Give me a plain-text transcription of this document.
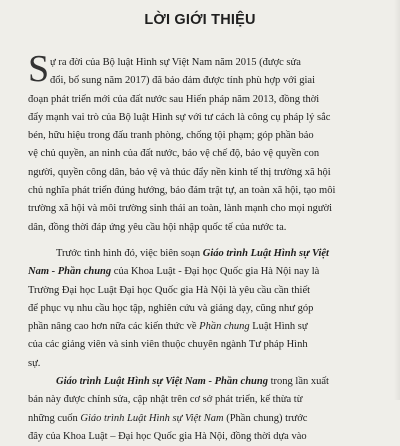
LỜI GIỚI THIỆU
S ự ra đời của Bộ luật Hình sự Việt Nam năm 2015 (được sửa
đổi, bổ sung năm 2017) đã bảo đảm được tính phù hợp với giai
đoạn phát triển mới của đất nước sau Hiến pháp năm 2013, đồng thời
đẩy mạnh vai trò của Bộ luật Hình sự với tư cách là công cụ pháp lý sắc
bén, hữu hiệu trong đấu tranh phòng, chống tội phạm; góp phần bảo
vệ chủ quyền, an ninh của đất nước, bảo vệ chế độ, bảo vệ quyền con
người, quyền công dân, bảo vệ và thúc đẩy nền kinh tế thị trường xã hội
chủ nghĩa phát triển đúng hướng, bảo đảm trật tự, an toàn xã hội, tạo môi
trường xã hội và môi trường sinh thái an toàn, lành mạnh cho mọi người
dân, đồng thời đáp ứng yêu cầu hội nhập quốc tế của nước ta.
Trước tình hình đó, việc biên soạn Giáo trình Luật Hình sự Việt
Nam - Phần chung của Khoa Luật - Đại học Quốc gia Hà Nội nay là
Trường Đại học Luật Đại học Quốc gia Hà Nội là yêu cầu cần thiết
để phục vụ nhu cầu học tập, nghiên cứu và giảng dạy, cũng như góp
phần nâng cao hơn nữa các kiến thức về Phần chung Luật Hình sự
của các giảng viên và sinh viên thuộc chuyên ngành Tư pháp Hình
sự.
Giáo trình Luật Hình sự Việt Nam - Phần chung trong lần xuất
bản này được chỉnh sửa, cập nhật trên cơ sở phát triển, kế thừa từ
những cuốn Giáo trình Luật Hình sự Việt Nam (Phần chung) trước
đây của Khoa Luật – Đại học Quốc gia Hà Nội, đồng thời dựa vào
